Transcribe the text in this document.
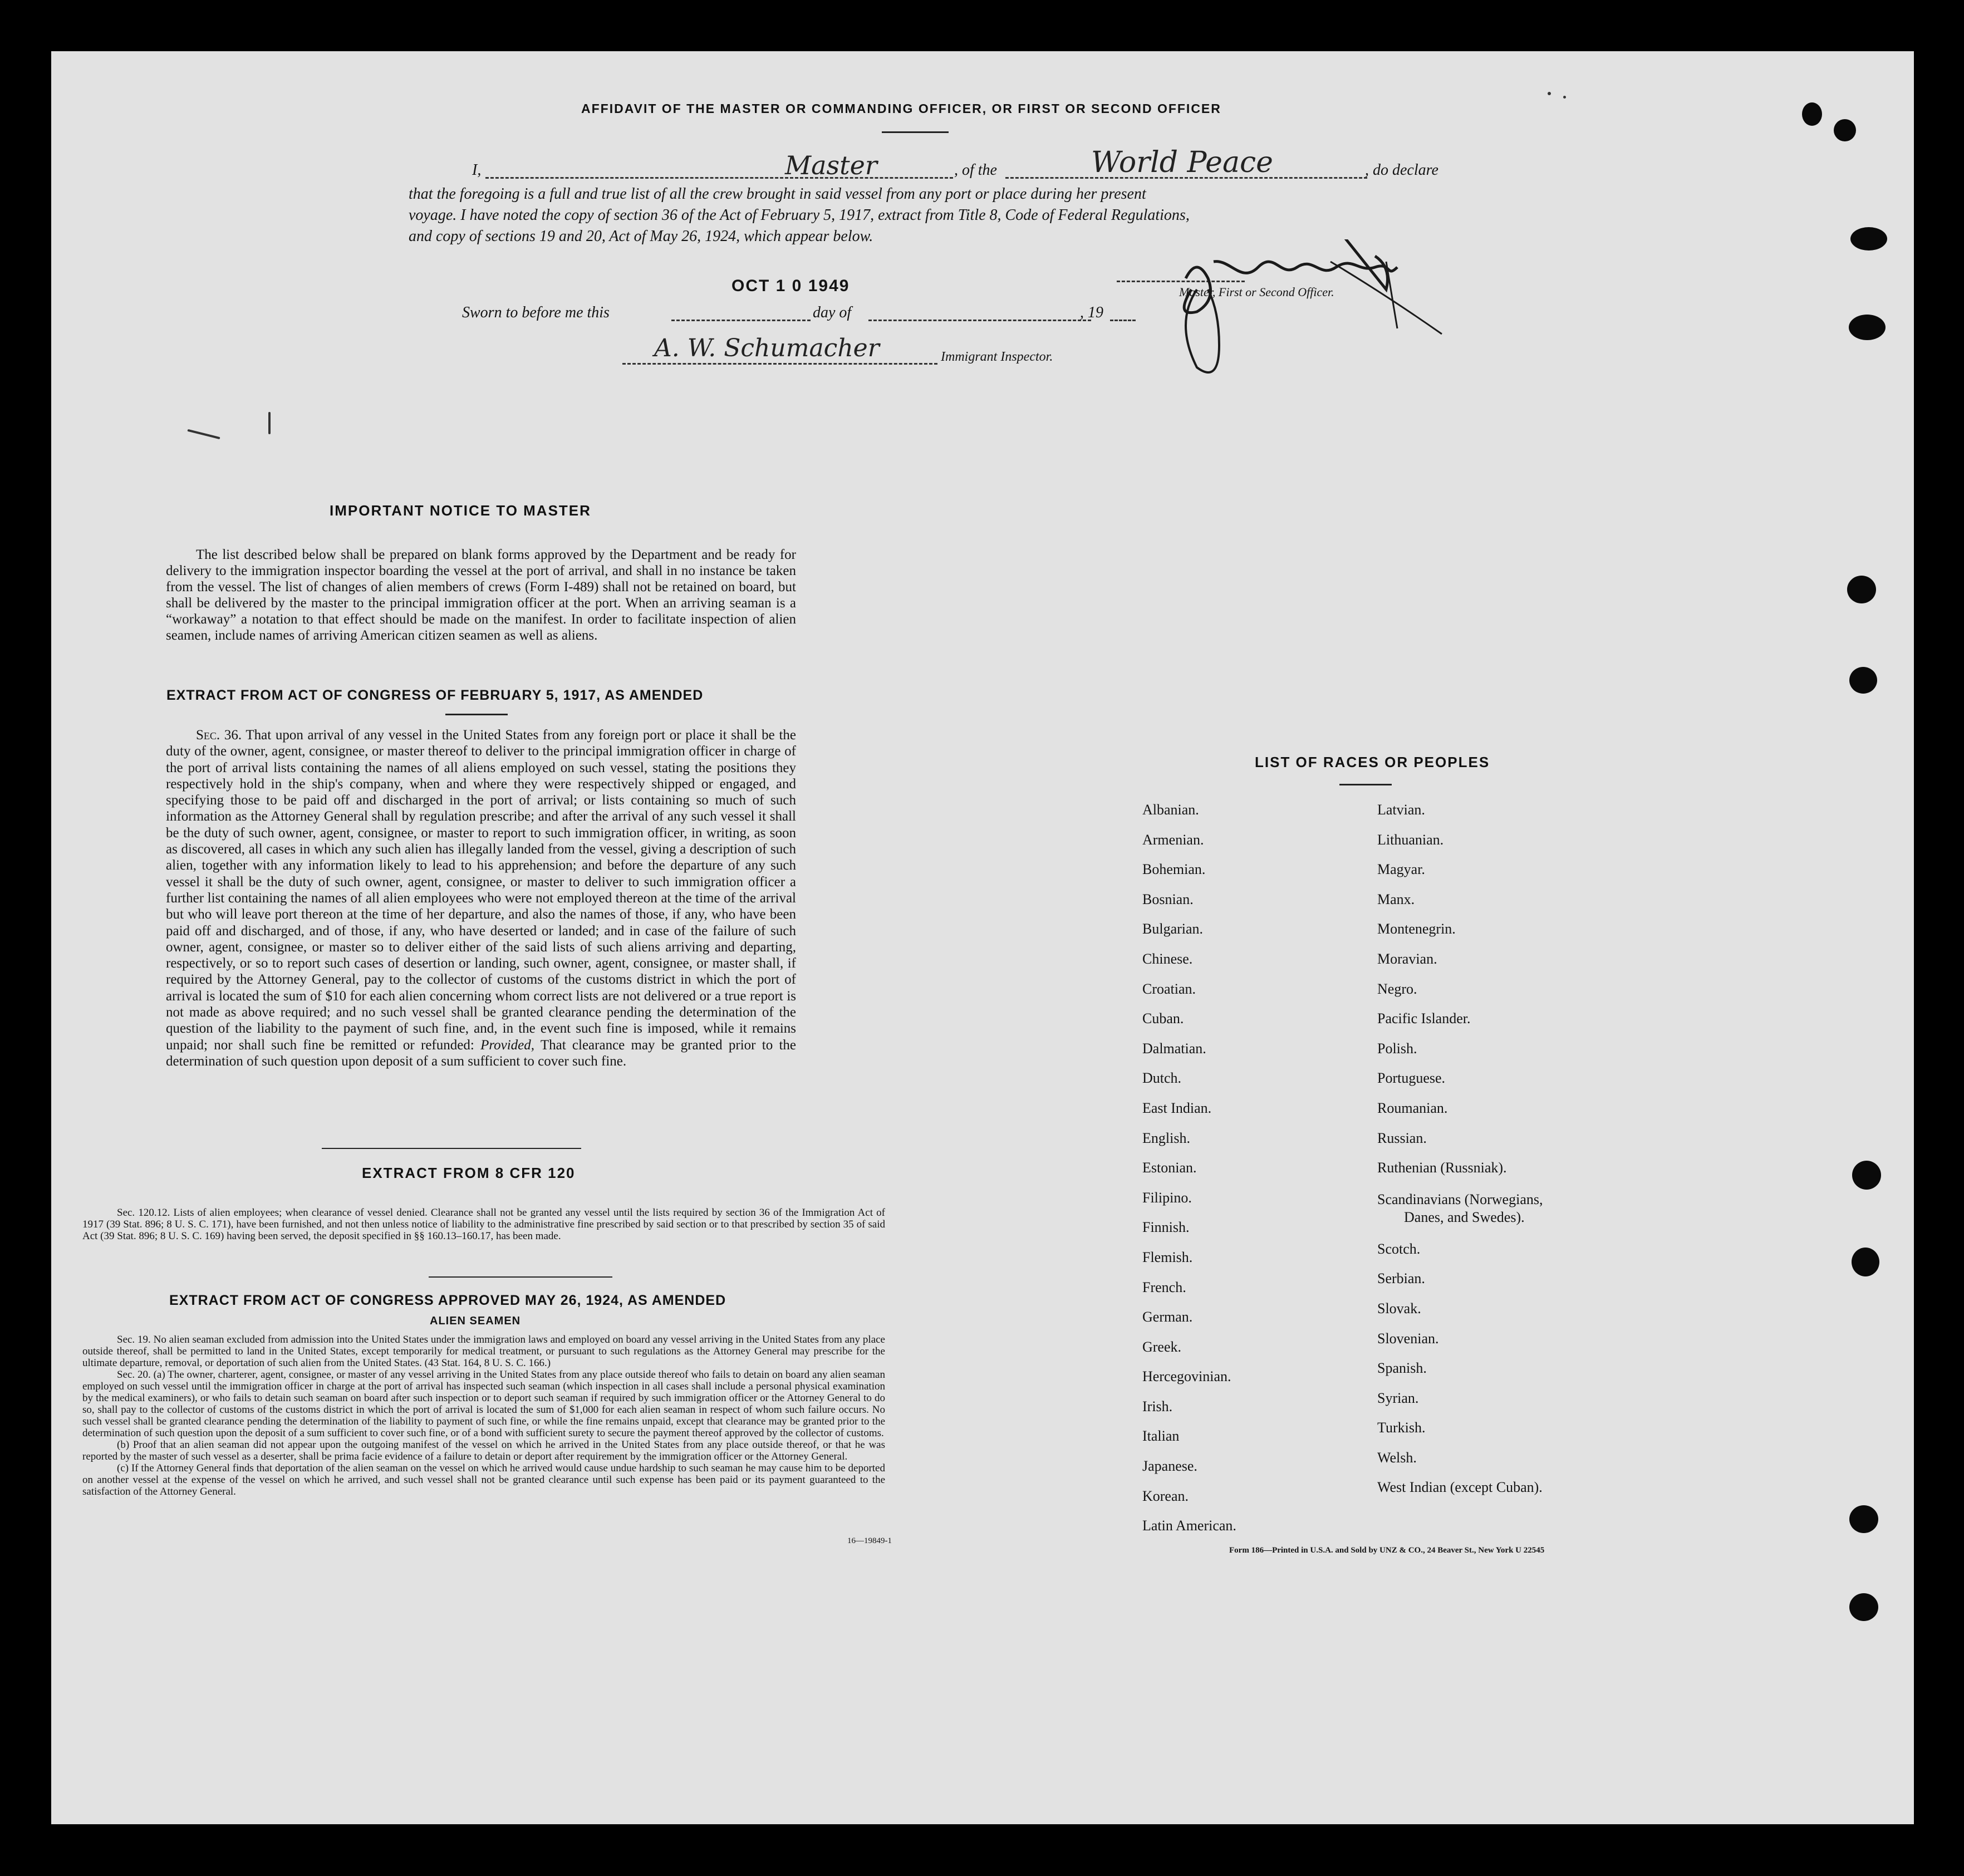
AFFIDAVIT OF THE MASTER OR COMMANDING OFFICER, OR FIRST OR SECOND OFFICER
I,	Master	, of the	World Peace	, do declare
that the foregoing is a full and true list of all the crew brought in said vessel from any port or place during her present
voyage. I have noted the copy of section 36 of the Act of February 5, 1917, extract from Title 8, Code of Federal Regulations,
and copy of sections 19 and 20, Act of May 26, 1924, which appear below.
OCT 1 0 1949
Sworn to before me this	day of	, 19
Master, First or Second Officer.
A. W. Schumacher	Immigrant Inspector.
IMPORTANT NOTICE TO MASTER
The list described below shall be prepared on blank forms approved by the Department and be ready for delivery to the immigration inspector boarding the vessel at the port of arrival, and shall in no instance be taken from the vessel. The list of changes of alien members of crews (Form I-489) shall not be retained on board, but shall be delivered by the master to the principal immigration officer at the port. When an arriving seaman is a “workaway” a notation to that effect should be made on the manifest. In order to facilitate inspection of alien seamen, include names of arriving American citizen seamen as well as aliens.
EXTRACT FROM ACT OF CONGRESS OF FEBRUARY 5, 1917, AS AMENDED
Sec. 36. That upon arrival of any vessel in the United States from any foreign port or place it shall be the duty of the owner, agent, consignee, or master thereof to deliver to the principal immigration officer in charge of the port of arrival lists containing the names of all aliens employed on such vessel, stating the positions they respectively hold in the ship's company, when and where they were respectively shipped or engaged, and specifying those to be paid off and discharged in the port of arrival; or lists containing so much of such information as the Attorney General shall by regulation prescribe; and after the arrival of any such vessel it shall be the duty of such owner, agent, consignee, or master to report to such immigration officer, in writing, as soon as discovered, all cases in which any such alien has illegally landed from the vessel, giving a description of such alien, together with any information likely to lead to his apprehension; and before the departure of any such vessel it shall be the duty of such owner, agent, consignee, or master to deliver to such immigration officer a further list containing the names of all alien employees who were not employed thereon at the time of the arrival but who will leave port thereon at the time of her departure, and also the names of those, if any, who have been paid off and discharged, and of those, if any, who have deserted or landed; and in case of the failure of such owner, agent, consignee, or master so to deliver either of the said lists of such aliens arriving and departing, respectively, or so to report such cases of desertion or landing, such owner, agent, consignee, or master shall, if required by the Attorney General, pay to the collector of customs of the customs district in which the port of arrival is located the sum of $10 for each alien concerning whom correct lists are not delivered or a true report is not made as above required; and no such vessel shall be granted clearance pending the determination of the question of the liability to the payment of such fine, and, in the event such fine is imposed, while it remains unpaid; nor shall such fine be remitted or refunded: Provided, That clearance may be granted prior to the determination of such question upon deposit of a sum sufficient to cover such fine.
EXTRACT FROM 8 CFR 120
Sec. 120.12. Lists of alien employees; when clearance of vessel denied. Clearance shall not be granted any vessel until the lists required by section 36 of the Immigration Act of 1917 (39 Stat. 896; 8 U. S. C. 171), have been furnished, and not then unless notice of liability to the administrative fine prescribed by said section or to that prescribed by section 35 of said Act (39 Stat. 896; 8 U. S. C. 169) having been served, the deposit specified in §§ 160.13–160.17, has been made.
EXTRACT FROM ACT OF CONGRESS APPROVED MAY 26, 1924, AS AMENDED
ALIEN SEAMEN
Sec. 19. No alien seaman excluded from admission into the United States under the immigration laws and employed on board any vessel arriving in the United States from any place outside thereof, shall be permitted to land in the United States, except temporarily for medical treatment, or pursuant to such regulations as the Attorney General may prescribe for the ultimate departure, removal, or deportation of such alien from the United States. (43 Stat. 164, 8 U. S. C. 166.)
Sec. 20. (a) The owner, charterer, agent, consignee, or master of any vessel arriving in the United States from any place outside thereof who fails to detain on board any alien seaman employed on such vessel until the immigration officer in charge at the port of arrival has inspected such seaman (which inspection in all cases shall include a personal physical examination by the medical examiners), or who fails to detain such seaman on board after such inspection or to deport such seaman if required by such immigration officer or the Attorney General to do so, shall pay to the collector of customs of the customs district in which the port of arrival is located the sum of $1,000 for each alien seaman in respect of whom such failure occurs. No such vessel shall be granted clearance pending the determination of the liability to payment of such fine, or while the fine remains unpaid, except that clearance may be granted prior to the determination of such question upon the deposit of a sum sufficient to cover such fine, or of a bond with sufficient surety to secure the payment thereof approved by the collector of customs.
(b) Proof that an alien seaman did not appear upon the outgoing manifest of the vessel on which he arrived in the United States from any place outside thereof, or that he was reported by the master of such vessel as a deserter, shall be prima facie evidence of a failure to detain or deport after requirement by the immigration officer or the Attorney General.
(c) If the Attorney General finds that deportation of the alien seaman on the vessel on which he arrived would cause undue hardship to such seaman he may cause him to be deported on another vessel at the expense of the vessel on which he arrived, and such vessel shall not be granted clearance until such expense has been paid or its payment guaranteed to the satisfaction of the Attorney General.
16—19849-1
LIST OF RACES OR PEOPLES
Albanian.
Armenian.
Bohemian.
Bosnian.
Bulgarian.
Chinese.
Croatian.
Cuban.
Dalmatian.
Dutch.
East Indian.
English.
Estonian.
Filipino.
Finnish.
Flemish.
French.
German.
Greek.
Hercegovinian.
Irish.
Italian
Japanese.
Korean.
Latin American.
Latvian.
Lithuanian.
Magyar.
Manx.
Montenegrin.
Moravian.
Negro.
Pacific Islander.
Polish.
Portuguese.
Roumanian.
Russian.
Ruthenian (Russniak).
Scandinavians (Norwegians,
Danes, and Swedes).
Scotch.
Serbian.
Slovak.
Slovenian.
Spanish.
Syrian.
Turkish.
Welsh.
West Indian (except Cuban).
Form 186—Printed in U.S.A. and Sold by UNZ & CO., 24 Beaver St., New York U 22545
